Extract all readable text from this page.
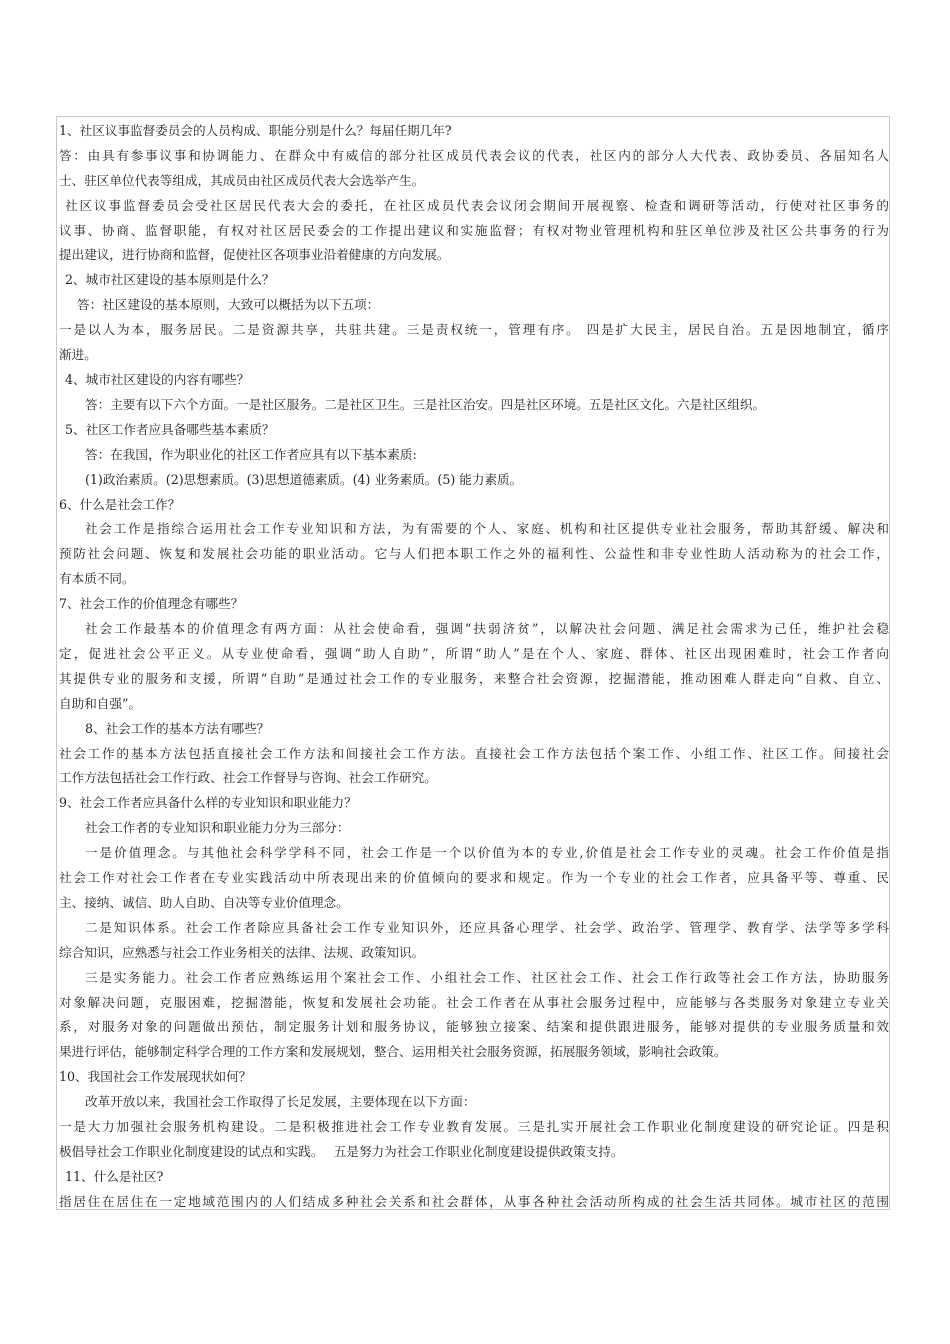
1、社区议事监督委员会的人员构成、职能分别是什么？每届任期几年?
答：由具有参事议事和协调能力、在群众中有威信的部分社区成员代表会议的代表，社区内的部分人大代表、政协委员、各届知名人
士、驻区单位代表等组成，其成员由社区成员代表大会选举产生。
社区议事监督委员会受社区居民代表大会的委托，在社区成员代表会议闭会期间开展视察、检查和调研等活动，行使对社区事务的
议事、协商、监督职能，有权对社区居民委会的工作提出建议和实施监督；有权对物业管理机构和驻区单位涉及社区公共事务的行为
提出建议，进行协商和监督，促使社区各项事业沿着健康的方向发展。
2、城市社区建设的基本原则是什么？
答：社区建设的基本原则，大致可以概括为以下五项：
一是以人为本，服务居民。二是资源共享，共驻共建。三是责权统一，管理有序。 四是扩大民主，居民自治。五是因地制宜，循序
渐进。
4、城市社区建设的内容有哪些？
答：主要有以下六个方面。一是社区服务。二是社区卫生。三是社区治安。四是社区环境。五是社区文化。六是社区组织。
5、社区工作者应具备哪些基本素质？
答：在我国，作为职业化的社区工作者应具有以下基本素质:
(1)政治素质。(2)思想素质。(3)思想道德素质。(4) 业务素质。(5) 能力素质。
6、什么是社会工作？
社会工作是指综合运用社会工作专业知识和方法，为有需要的个人、家庭、机构和社区提供专业社会服务，帮助其舒缓、解决和
预防社会问题、恢复和发展社会功能的职业活动。它与人们把本职工作之外的福利性、公益性和非专业性助人活动称为的社会工作，
有本质不同。
7、社会工作的价值理念有哪些？
社会工作最基本的价值理念有两方面：从社会使命看，强调“扶弱济贫”，以解决社会问题、满足社会需求为己任，维护社会稳
定，促进社会公平正义。从专业使命看，强调“助人自助”，所谓“助人”是在个人、家庭、群体、社区出现困难时，社会工作者向
其提供专业的服务和支援，所谓“自助”是通过社会工作的专业服务，来整合社会资源，挖掘潜能，推动困难人群走向“自救、自立、
自助和自强”。
8、社会工作的基本方法有哪些？
社会工作的基本方法包括直接社会工作方法和间接社会工作方法。直接社会工作方法包括个案工作、小组工作、社区工作。间接社会
工作方法包括社会工作行政、社会工作督导与咨询、社会工作研究。
9、社会工作者应具备什么样的专业知识和职业能力？
社会工作者的专业知识和职业能力分为三部分：
一是价值理念。与其他社会科学学科不同，社会工作是一个以价值为本的专业,价值是社会工作专业的灵魂。社会工作价值是指
社会工作对社会工作者在专业实践活动中所表现出来的价值倾向的要求和规定。作为一个专业的社会工作者，应具备平等、尊重、民
主、接纳、诚信、助人自助、自决等专业价值理念。
二是知识体系。社会工作者除应具备社会工作专业知识外，还应具备心理学、社会学、政治学、管理学、教育学、法学等多学科
综合知识，应熟悉与社会工作业务相关的法律、法规、政策知识。
三是实务能力。社会工作者应熟练运用个案社会工作、小组社会工作、社区社会工作、社会工作行政等社会工作方法，协助服务
对象解决问题，克服困难，挖掘潜能，恢复和发展社会功能。社会工作者在从事社会服务过程中，应能够与各类服务对象建立专业关
系，对服务对象的问题做出预估，制定服务计划和服务协议，能够独立接案、结案和提供跟进服务，能够对提供的专业服务质量和效
果进行评估，能够制定科学合理的工作方案和发展规划，整合、运用相关社会服务资源，拓展服务领域，影响社会政策。
10、我国社会工作发展现状如何？
改革开放以来，我国社会工作取得了长足发展，主要体现在以下方面：
一是大力加强社会服务机构建设。二是积极推进社会工作专业教育发展。三是扎实开展社会工作职业化制度建设的研究论证。四是积
极倡导社会工作职业化制度建设的试点和实践。　 五是努力为社会工作职业化制度建设提供政策支持。
11、什么是社区?
指居住在居住在一定地域范围内的人们结成多种社会关系和社会群体，从事各种社会活动所构成的社会生活共同体。城市社区的范围
